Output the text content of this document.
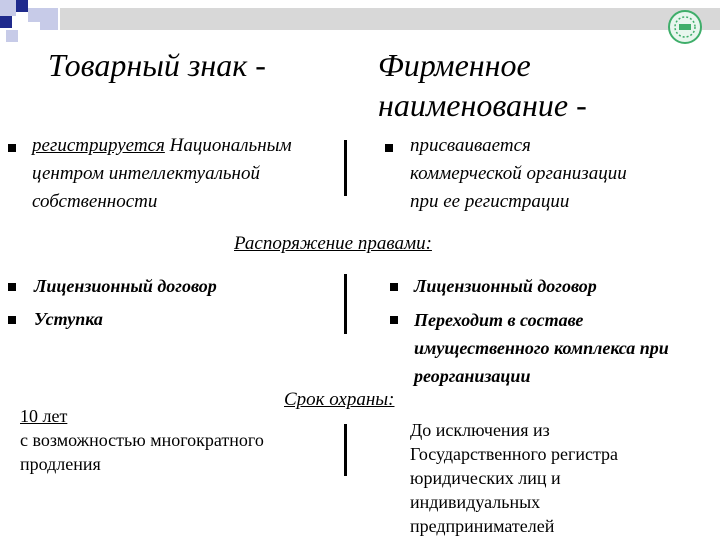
Товарный знак -	Фирменное
наименование -
регистрируется Национальным
центром интеллектуальной
собственности
присваивается
коммерческой организации
при ее регистрации
Распоряжение правами:
Лицензионный договор
Уступка
Лицензионный договор
Переходит в составе
имущественного комплекса при
реорганизации
Срок охраны:
10 лет
с возможностью многократного
продления
До исключения из
Государственного регистра
юридических лиц и
индивидуальных
предпринимателей
